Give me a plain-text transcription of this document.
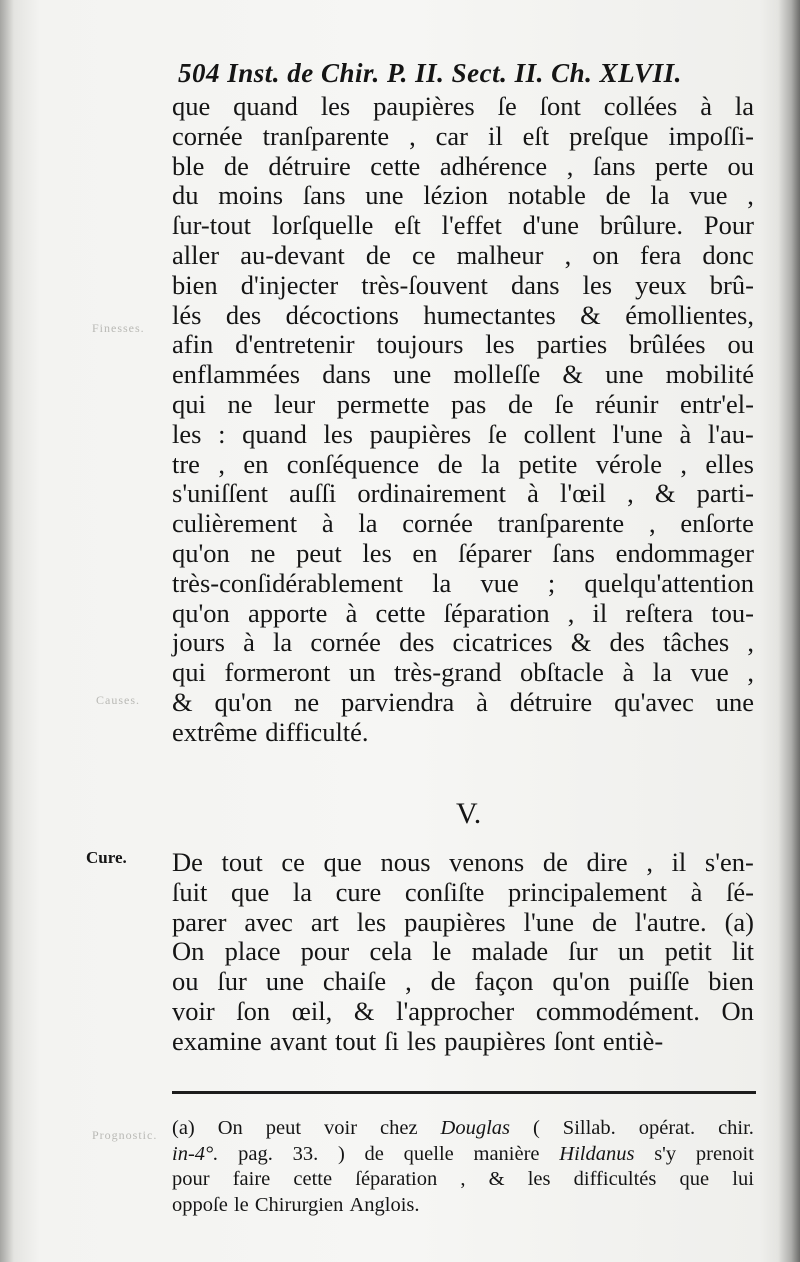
Finesses.
Causes.
Prognostic.
504 Inst. de Chir. P. II. Sect. II. Ch. XLVII.
que quand les paupières ſe ſont collées à la
cornée tranſparente , car il eſt preſque impoſſi-
ble de détruire cette adhérence , ſans perte ou
du moins ſans une lézion notable de la vue ,
ſur-tout lorſquelle eſt l'effet d'une brûlure. Pour
aller au-devant de ce malheur , on fera donc
bien d'injecter très-ſouvent dans les yeux brû-
lés des décoctions humectantes & émollientes,
afin d'entretenir toujours les parties brûlées ou
enflammées dans une molleſſe & une mobilité
qui ne leur permette pas de ſe réunir entr'el-
les : quand les paupières ſe collent l'une à l'au-
tre , en conſéquence de la petite vérole , elles
s'uniſſent auſſi ordinairement à l'œil , & parti-
culièrement à la cornée tranſparente , enſorte
qu'on ne peut les en ſéparer ſans endommager
très-conſidérablement la vue ; quelqu'attention
qu'on apporte à cette ſéparation , il reſtera tou-
jours à la cornée des cicatrices & des tâches ,
qui formeront un très-grand obſtacle à la vue ,
& qu'on ne parviendra à détruire qu'avec une
extrême difficulté.
V.
Cure. De tout ce que nous venons de dire , il s'en-
ſuit que la cure conſiſte principalement à ſé-
parer avec art les paupières l'une de l'autre. (a)
On place pour cela le malade ſur un petit lit
ou ſur une chaiſe , de façon qu'on puiſſe bien
voir ſon œil, & l'approcher commodément. On
examine avant tout ſi les paupières ſont entiè-
(a) On peut voir chez Douglas ( Sillab. opérat. chir.
in-4°. pag. 33. ) de quelle manière Hildanus s'y prenoit
pour faire cette ſéparation , & les difficultés que lui
oppoſe le Chirurgien Anglois.
